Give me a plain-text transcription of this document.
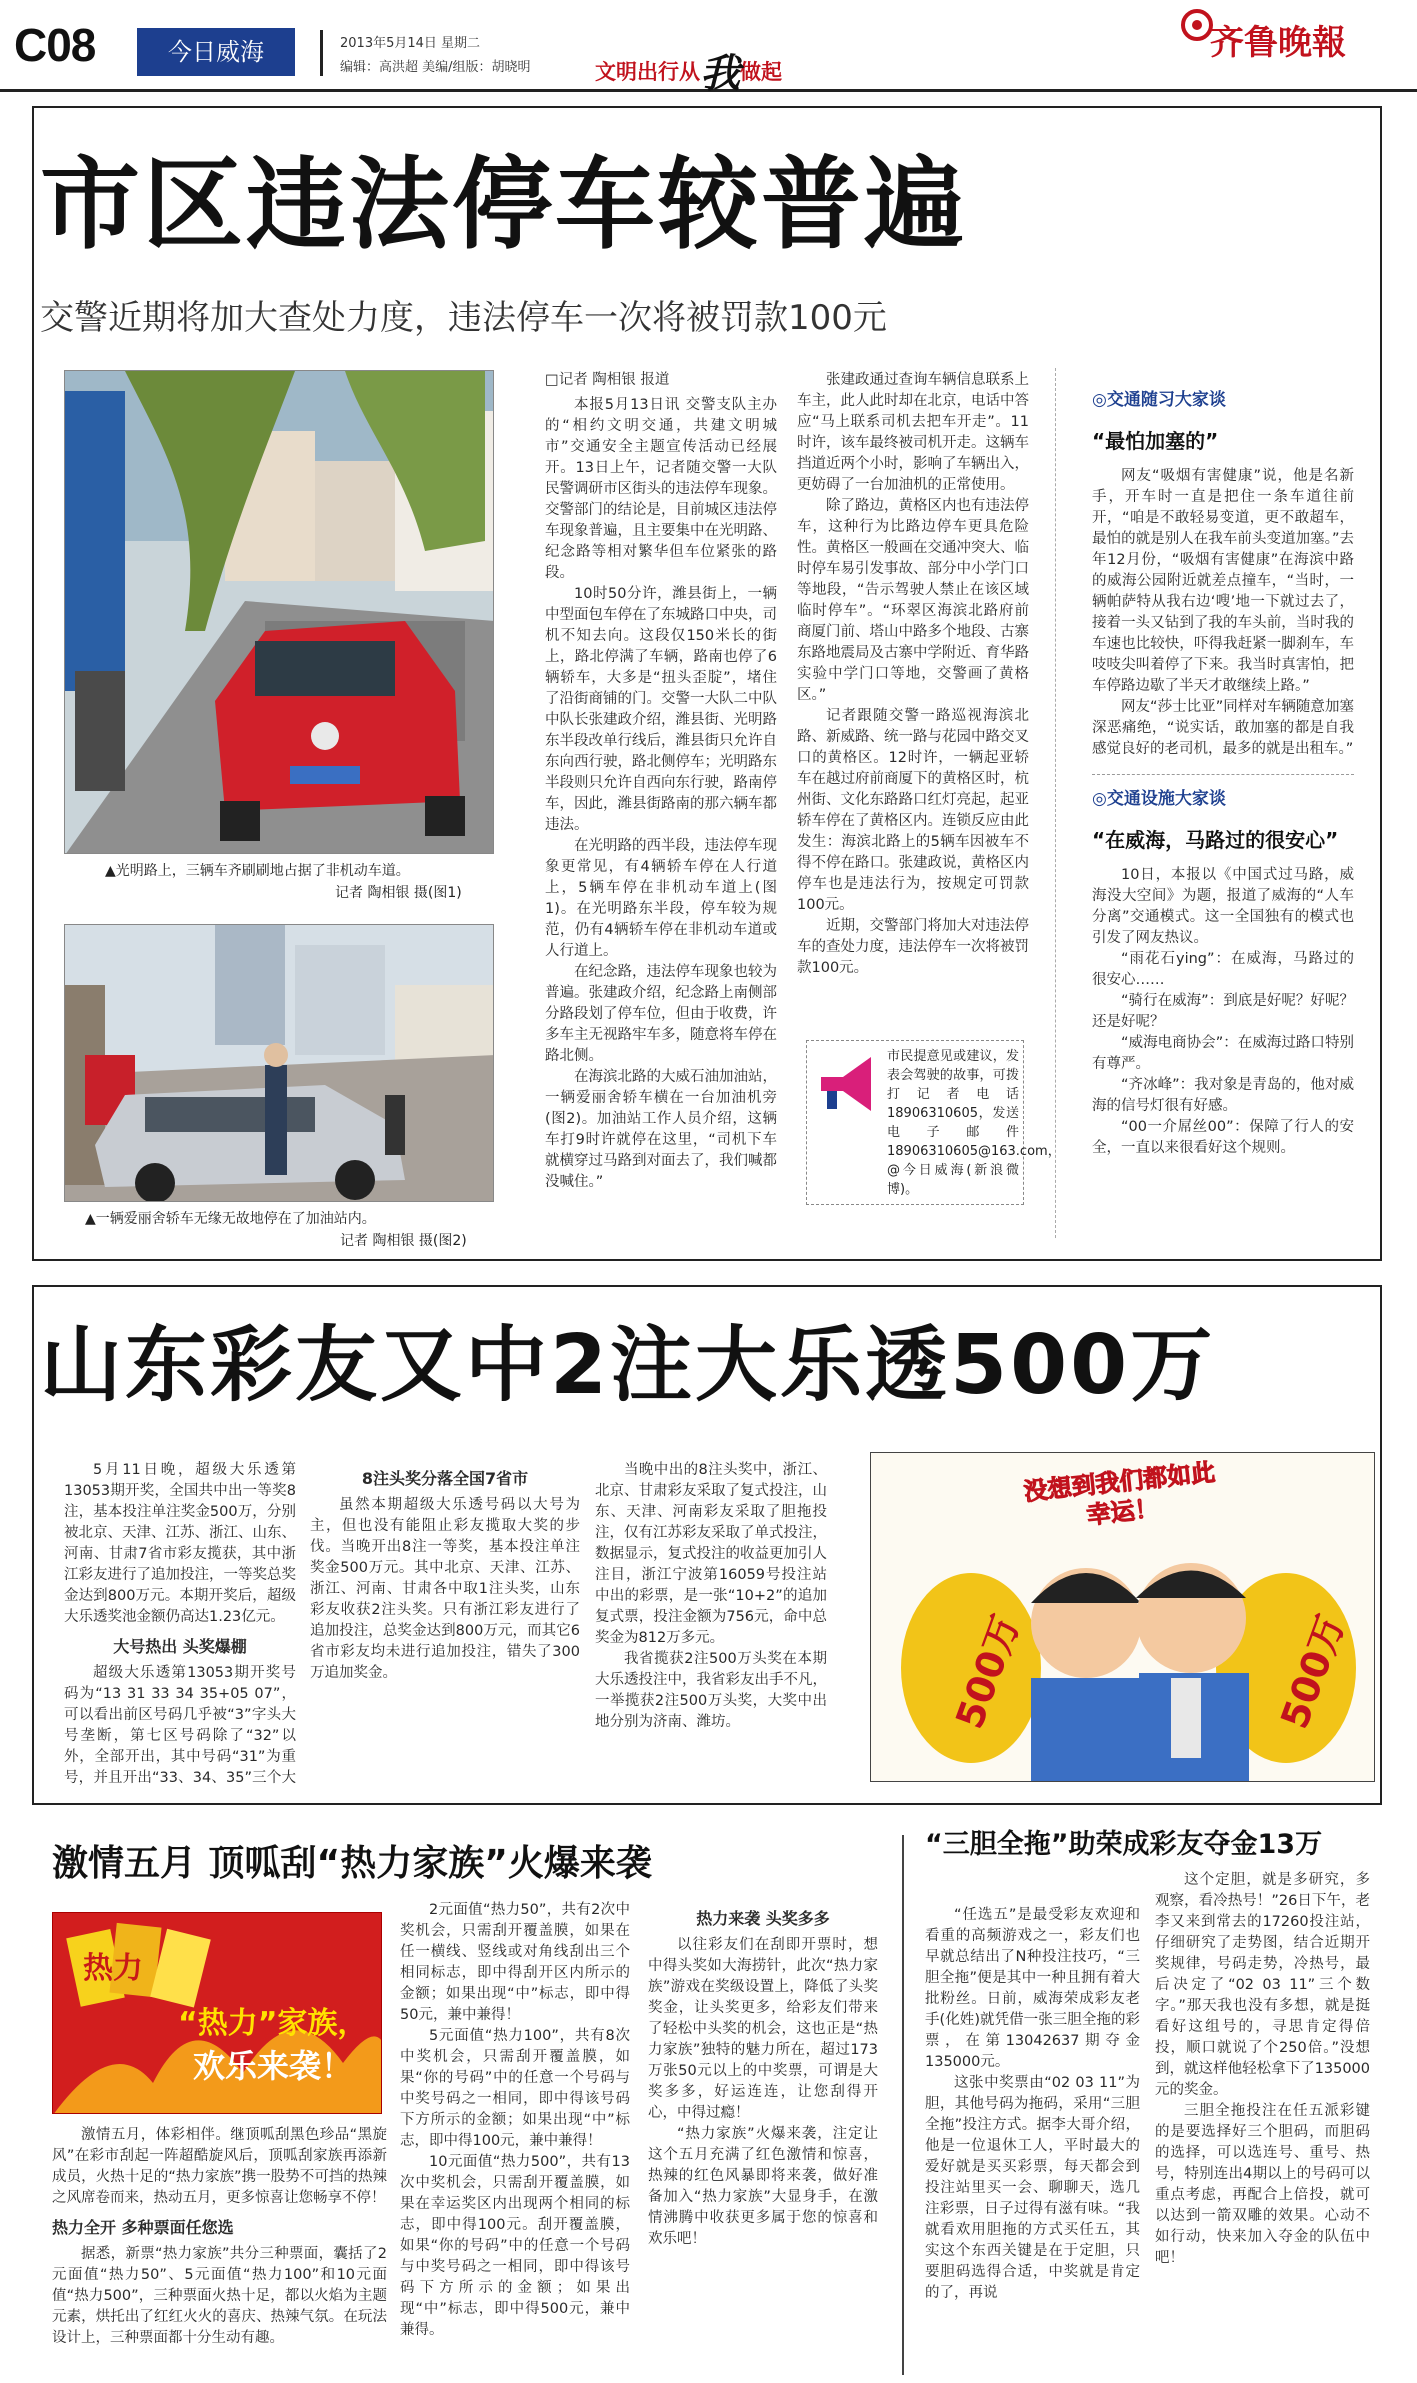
C08	今日威海	2013年5月14日 星期二
编辑：高洪超 美编/组版：胡晓明	文明出行从我做起
齐鲁晚報
市区违法停车较普遍
交警近期将加大查处力度，违法停车一次将被罚款100元
▲光明路上，三辆车齐刷刷地占据了非机动车道。
记者 陶相银 摄(图1)
▲一辆爱丽舍轿车无缘无故地停在了加油站内。
记者 陶相银 摄(图2)

□记者 陶相银 报道

本报5月13日讯 交警支队主办的“相约文明交通，共建文明城市”交通安全主题宣传活动已经展开。13日上午，记者随交警一大队民警调研市区街头的违法停车现象。交警部门的结论是，目前城区违法停车现象普遍，且主要集中在光明路、纪念路等相对繁华但车位紧张的路段。

10时50分许，潍县街上，一辆中型面包车停在了东城路口中央，司机不知去向。这段仅150米长的街上，路北停满了车辆，路南也停了6辆轿车，大多是“扭头歪腚”，堵住了沿街商铺的门。交警一大队二中队中队长张建政介绍，潍县街、光明路东半段改单行线后，潍县街只允许自东向西行驶，路北侧停车；光明路东半段则只允许自西向东行驶，路南停车，因此，潍县街路南的那六辆车都违法。

在光明路的西半段，违法停车现象更常见，有4辆轿车停在人行道上，5辆车停在非机动车道上(图1)。在光明路东半段，停车较为规范，仍有4辆轿车停在非机动车道或人行道上。

在纪念路，违法停车现象也较为普遍。张建政介绍，纪念路上南侧部分路段划了停车位，但由于收费，许多车主无视路牢车多，随意将车停在路北侧。

在海滨北路的大威石油加油站，一辆爱丽舍轿车横在一台加油机旁(图2)。加油站工作人员介绍，这辆车打9时许就停在这里，“司机下车就横穿过马路到对面去了，我们喊都没喊住。”

张建政通过查询车辆信息联系上车主，此人此时却在北京，电话中答应“马上联系司机去把车开走”。11时许，该车最终被司机开走。这辆车挡道近两个小时，影响了车辆出入，更妨碍了一台加油机的正常使用。

除了路边，黄格区内也有违法停车，这种行为比路边停车更具危险性。黄格区一般画在交通冲突大、临时停车易引发事故、部分中小学门口等地段，“告示驾驶人禁止在该区域临时停车”。“环翠区海滨北路府前商厦门前、塔山中路多个地段、古寨东路地震局及古寨中学附近、育华路实验中学门口等地，交警画了黄格区。”

记者跟随交警一路巡视海滨北路、新威路、统一路与花园中路交叉口的黄格区。12时许，一辆起亚轿车在越过府前商厦下的黄格区时，杭州街、文化东路路口红灯亮起，起亚轿车停在了黄格区内。连锁反应由此发生：海滨北路上的5辆车因被车不得不停在路口。张建政说，黄格区内停车也是违法行为，按规定可罚款100元。

近期，交警部门将加大对违法停车的查处力度，违法停车一次将被罚款100元。

市民提意见或建议，发表会驾驶的故事，可拨打记者电话18906310605，发送电子邮件18906310605@163.com，@今日威海(新浪微博)。
◎交通随习大家谈
“最怕加塞的”

网友“吸烟有害健康”说，他是名新手，开车时一直是把住一条车道往前开，“咱是不敢轻易变道，更不敢超车，最怕的就是别人在我车前头变道加塞。”去年12月份，“吸烟有害健康”在海滨中路的威海公园附近就差点撞车，“当时，一辆帕萨特从我右边‘嗖’地一下就过去了，接着一头又钻到了我的车头前，当时我的车速也比较快，吓得我赶紧一脚刹车，车吱吱尖叫着停了下来。我当时真害怕，把车停路边歇了半天才敢继续上路。”

网友“莎士比亚”同样对车辆随意加塞深恶痛绝，“说实话，敢加塞的都是自我感觉良好的老司机，最多的就是出租车。”

◎交通设施大家谈
“在威海，马路过的很安心”

10日，本报以《中国式过马路，威海没大空间》为题，报道了威海的“人车分离”交通模式。这一全国独有的模式也引发了网友热议。

“雨花石ying”：在威海，马路过的很安心……

“骑行在威海”：到底是好呢？好呢？还是好呢？

“威海电商协会”：在威海过路口特别有尊严。

“齐冰峰”：我对象是青岛的，他对威海的信号灯很有好感。

“00一介屌丝00”：保障了行人的安全，一直以来很看好这个规则。

山东彩友又中2注大乐透500万

5月11日晚，超级大乐透第13053期开奖，全国共中出一等奖8注，基本投注单注奖金500万，分别被北京、天津、江苏、浙江、山东、河南、甘肃7省市彩友揽获，其中浙江彩友进行了追加投注，一等奖总奖金达到800万元。本期开奖后，超级大乐透奖池金额仍高达1.23亿元。

大号热出 头奖爆棚

超级大乐透第13053期开奖号码为“13 31 33 34 35+05 07”，可以看出前区号码几乎被“3”字头大号垄断，第七区号码除了“32”以外，全部开出，其中号码“31”为重号，并且开出“33、34、35”三个大

8注头奖分落全国7省市

虽然本期超级大乐透号码以大号为主，但也没有能阻止彩友揽取大奖的步伐。当晚开出8注一等奖，基本投注单注奖金500万元。其中北京、天津、江苏、浙江、河南、甘肃各中取1注头奖，山东彩友收获2注头奖。只有浙江彩友进行了追加投注，总奖金达到800万元，而其它6省市彩友均未进行追加投注，错失了300万追加奖金。

当晚中出的8注头奖中，浙江、北京、甘肃彩友采取了复式投注，山东、天津、河南彩友采取了胆拖投注，仅有江苏彩友采取了单式投注，数据显示，复式投注的收益更加引人注目，浙江宁波第16059号投注站中出的彩票，是一张“10+2”的追加复式票，投注金额为756元，命中总奖金为812万多元。

我省揽获2注500万头奖在本期大乐透投注中，我省彩友出手不凡，一举揽获2注500万头奖，大奖中出地分别为济南、潍坊。

没想到我们都如此幸运！
500万	500万
激情五月 顶呱刮“热力家族”火爆来袭	“三胆全拖”助荣成彩友夺金13万
热力
“热力”家族，
欢乐来袭！

激情五月，体彩相伴。继顶呱刮黑色珍品“黑旋风”在彩市刮起一阵超酷旋风后，顶呱刮家族再添新成员，火热十足的“热力家族”携一股势不可挡的热辣之风席卷而来，热动五月，更多惊喜让您畅享不停！

热力全开 多种票面任您选

据悉，新票“热力家族”共分三种票面，囊括了2元面值“热力50”、5元面值“热力100”和10元面值“热力500”，三种票面火热十足，都以火焰为主题元素，烘托出了红红火火的喜庆、热辣气氛。在玩法设计上，三种票面都十分生动有趣。

2元面值“热力50”，共有2次中奖机会，只需刮开覆盖膜，如果在任一横线、竖线或对角线刮出三个相同标志，即中得刮开区内所示的金额；如果出现“中”标志，即中得50元，兼中兼得！

5元面值“热力100”，共有8次中奖机会，只需刮开覆盖膜，如果“你的号码”中的任意一个号码与中奖号码之一相同，即中得该号码下方所示的金额；如果出现“中”标志，即中得100元，兼中兼得！

10元面值“热力500”，共有13次中奖机会，只需刮开覆盖膜，如果在幸运奖区内出现两个相同的标志，即中得100元。刮开覆盖膜，如果“你的号码”中的任意一个号码与中奖号码之一相同，即中得该号码下方所示的金额；如果出现“中”标志，即中得500元，兼中兼得。

热力来袭 头奖多多

以往彩友们在刮即开票时，想中得头奖如大海捞针，此次“热力家族”游戏在奖级设置上，降低了头奖奖金，让头奖更多，给彩友们带来了轻松中头奖的机会，这也正是“热力家族”独特的魅力所在，超过173万张50元以上的中奖票，可谓是大奖多多，好运连连，让您刮得开心，中得过瘾！

“热力家族”火爆来袭，注定让这个五月充满了红色激情和惊喜，热辣的红色风暴即将来袭，做好准备加入“热力家族”大显身手，在激情沸腾中收获更多属于您的惊喜和欢乐吧！

“任选五”是最受彩友欢迎和看重的高频游戏之一，彩友们也早就总结出了N种投注技巧，“三胆全拖”便是其中一种且拥有着大批粉丝。日前，威海荣成彩友老手(化姓)就凭借一张三胆全拖的彩票，在第13042637期夺金135000元。

这张中奖票由“02 03 11”为胆，其他号码为拖码，采用“三胆全拖”投注方式。据李大哥介绍，他是一位退休工人，平时最大的爱好就是买买彩票，每天都会到投注站里买一会、聊聊天，选几注彩票，日子过得有滋有味。“我就看欢用胆拖的方式买任五，其实这个东西关键是在于定胆，只要胆码选得合适，中奖就是肯定的了，再说

这个定胆，就是多研究，多观察，看冷热号！”26日下午，老李又来到常去的17260投注站，仔细研究了走势图，结合近期开奖规律，号码走势，冷热号，最后决定了“02 03 11”三个数字。”那天我也没有多想，就是挺看好这组号的，寻思肯定得倍投，顺口就说了个250倍。”没想到，就这样他轻松拿下了135000元的奖金。

三胆全拖投注在任五派彩键的是要选择好三个胆码，而胆码的选择，可以选连号、重号、热号，特别连出4期以上的号码可以重点考虑，再配合上倍投，就可以达到一箭双雕的效果。心动不如行动，快来加入夺金的队伍中吧！
